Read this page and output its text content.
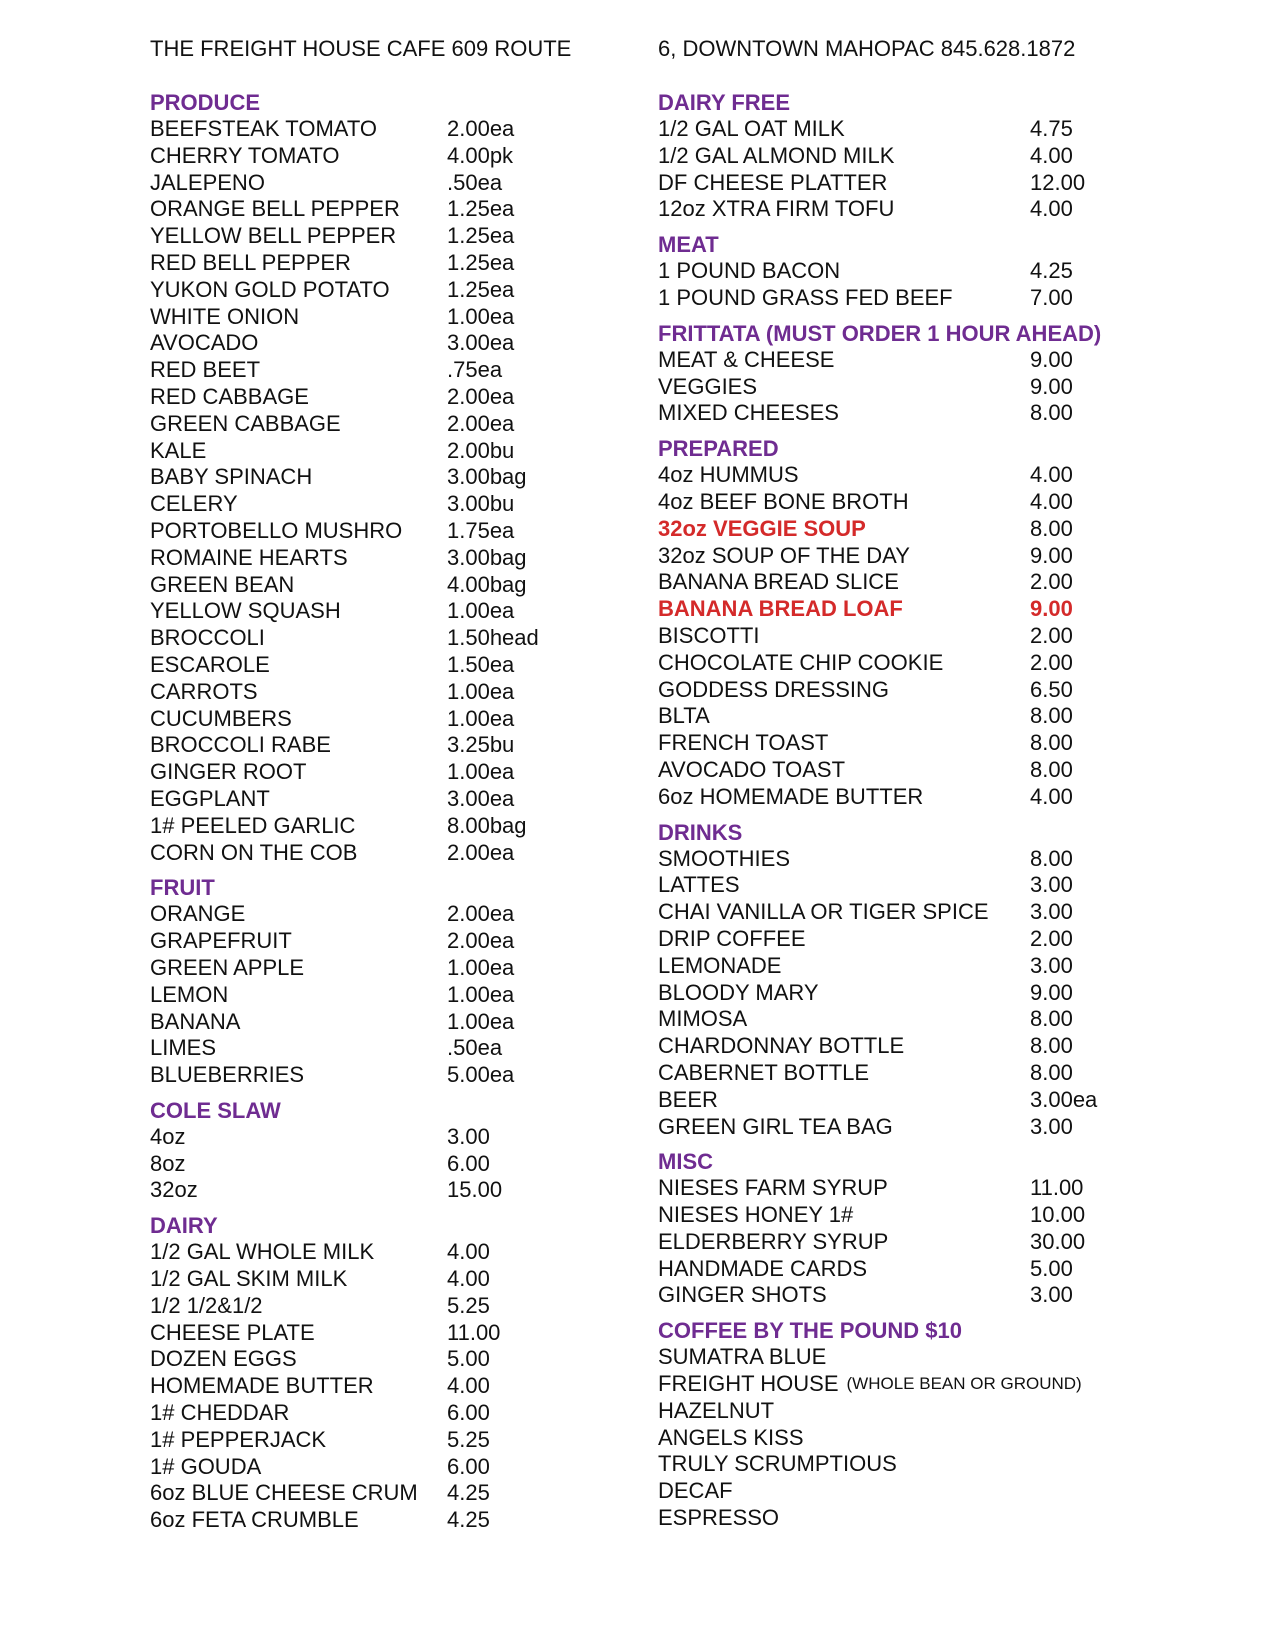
THE FREIGHT HOUSE CAFE 609 ROUTE	6, DOWNTOWN MAHOPAC 845.628.1872
PRODUCE
BEEFSTEAK TOMATO	2.00ea
CHERRY TOMATO	4.00pk
JALEPENO	.50ea
ORANGE BELL PEPPER 1.25ea
YELLOW BELL PEPPER 1.25ea
RED BELL PEPPER	1.25ea
YUKON GOLD POTATO	1.25ea
WHITE ONION	1.00ea
AVOCADO	3.00ea
RED BEET	.75ea
RED CABBAGE	2.00ea
GREEN CABBAGE	2.00ea
KALE	2.00bu
BABY SPINACH	3.00bag
CELERY	3.00bu
PORTOBELLO MUSHRO 1.75ea
ROMAINE HEARTS	3.00bag
GREEN BEAN	4.00bag
YELLOW SQUASH	1.00ea
BROCCOLI	1.50head
ESCAROLE	1.50ea
CARROTS	1.00ea
CUCUMBERS	1.00ea
BROCCOLI RABE	3.25bu
GINGER ROOT	1.00ea
EGGPLANT	3.00ea
1# PEELED GARLIC	8.00bag
CORN ON THE COB	2.00ea
FRUIT
ORANGE	2.00ea
GRAPEFRUIT	2.00ea
GREEN APPLE	1.00ea
LEMON	1.00ea
BANANA	1.00ea
LIMES	.50ea
BLUEBERRIES	5.00ea
COLE SLAW
4oz	3.00
8oz	6.00
32oz	15.00
DAIRY
1/2 GAL WHOLE MILK	4.00
1/2 GAL SKIM MILK	4.00
1/2 1/2&1/2	5.25
CHEESE PLATE	11.00
DOZEN EGGS	5.00
HOMEMADE BUTTER	4.00
1# CHEDDAR	6.00
1# PEPPERJACK	5.25
1# GOUDA	6.00
6oz BLUE CHEESE CRUM 4.25
6oz FETA CRUMBLE	4.25
DAIRY FREE
1/2 GAL OAT MILK	4.75
1/2 GAL ALMOND MILK	4.00
DF CHEESE PLATTER	12.00
12oz XTRA FIRM TOFU	4.00
MEAT
1 POUND BACON	4.25
1 POUND GRASS FED BEEF	7.00
FRITTATA (MUST ORDER 1 HOUR AHEAD)
MEAT & CHEESE	9.00
VEGGIES	9.00
MIXED CHEESES	8.00
PREPARED
4oz HUMMUS	4.00
4oz BEEF BONE BROTH	4.00
32oz VEGGIE SOUP	8.00
32oz SOUP OF THE DAY	9.00
BANANA BREAD SLICE	2.00
BANANA BREAD LOAF	9.00
BISCOTTI	2.00
CHOCOLATE CHIP COOKIE	2.00
GODDESS DRESSING	6.50
BLTA	8.00
FRENCH TOAST	8.00
AVOCADO TOAST	8.00
6oz HOMEMADE BUTTER	4.00
DRINKS
SMOOTHIES	8.00
LATTES	3.00
CHAI VANILLA OR TIGER SPICE 3.00
DRIP COFFEE	2.00
LEMONADE	3.00
BLOODY MARY	9.00
MIMOSA	8.00
CHARDONNAY BOTTLE	8.00
CABERNET BOTTLE	8.00
BEER	3.00ea
GREEN GIRL TEA BAG	3.00
MISC
NIESES FARM SYRUP	11.00
NIESES HONEY 1#	10.00
ELDERBERRY SYRUP	30.00
HANDMADE CARDS	5.00
GINGER SHOTS	3.00
COFFEE BY THE POUND $10
SUMATRA BLUE
FREIGHT HOUSE (WHOLE BEAN OR GROUND)
HAZELNUT
ANGELS KISS
TRULY SCRUMPTIOUS
DECAF
ESPRESSO
